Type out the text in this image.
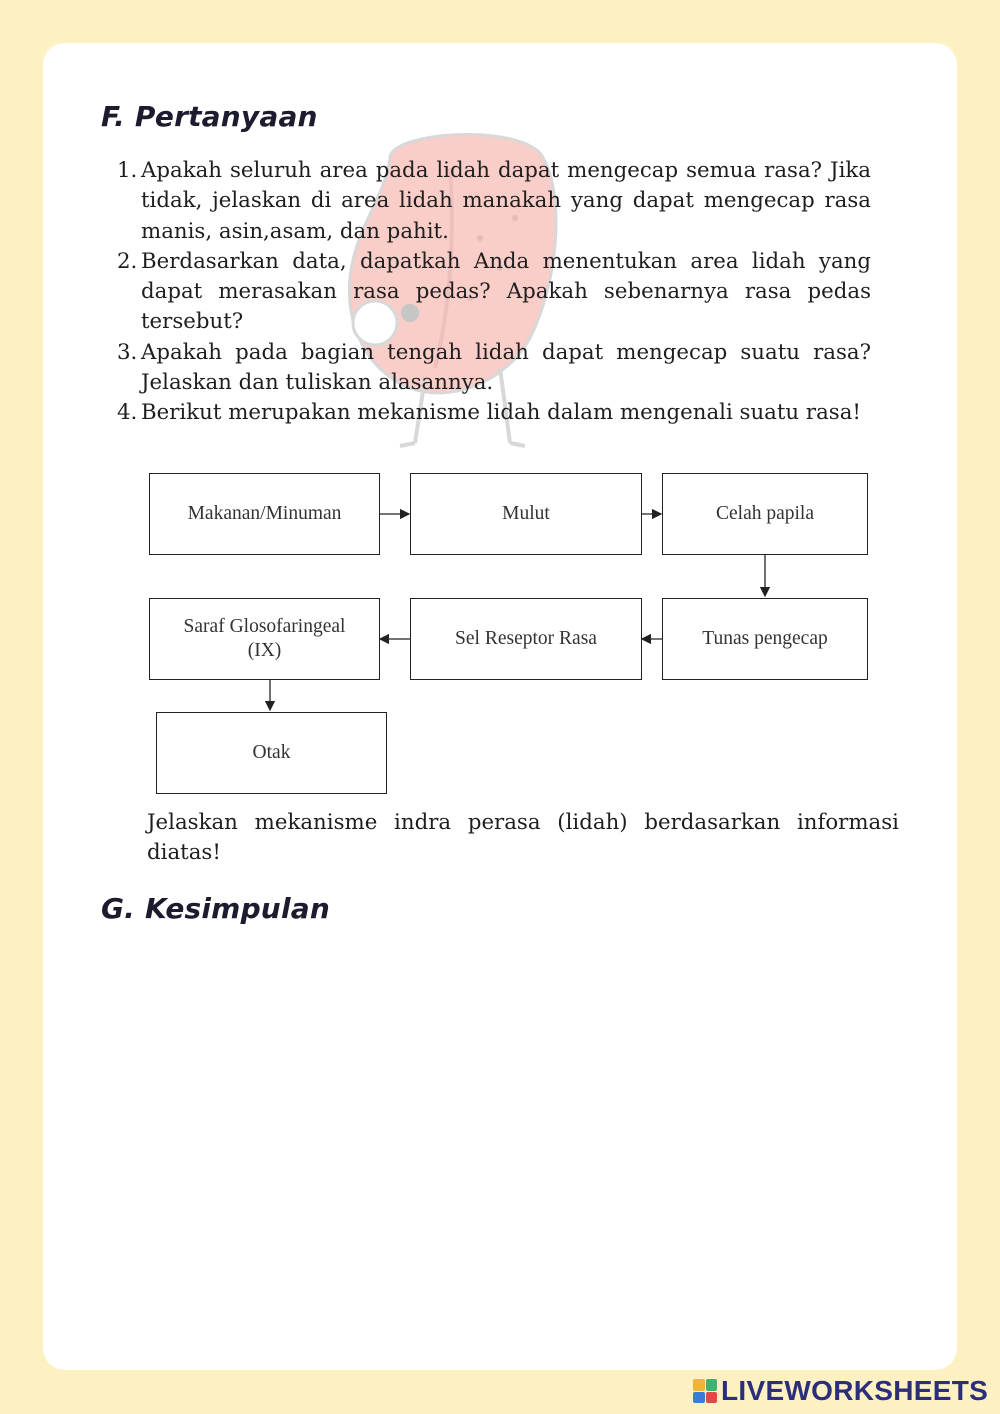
F. Pertanyaan
1. Apakah seluruh area pada lidah dapat mengecap semua rasa? Jika tidak, jelaskan di area lidah manakah yang dapat mengecap rasa manis, asin,asam, dan pahit.
2. Berdasarkan data, dapatkah Anda menentukan area lidah yang dapat merasakan rasa pedas? Apakah sebenarnya rasa pedas tersebut?
3. Apakah pada bagian tengah lidah dapat mengecap suatu rasa? Jelaskan dan tuliskan alasannya.
4. Berikut merupakan mekanisme lidah dalam mengenali suatu rasa!
Makanan/Minuman	Mulut	Celah papila
Tunas pengecap
Sel Reseptor Rasa
Saraf Glosofaringeal (IX)
Otak

Jelaskan mekanisme indra perasa (lidah) berdasarkan informasi diatas!

G. Kesimpulan
LIVEWORKSHEETS
